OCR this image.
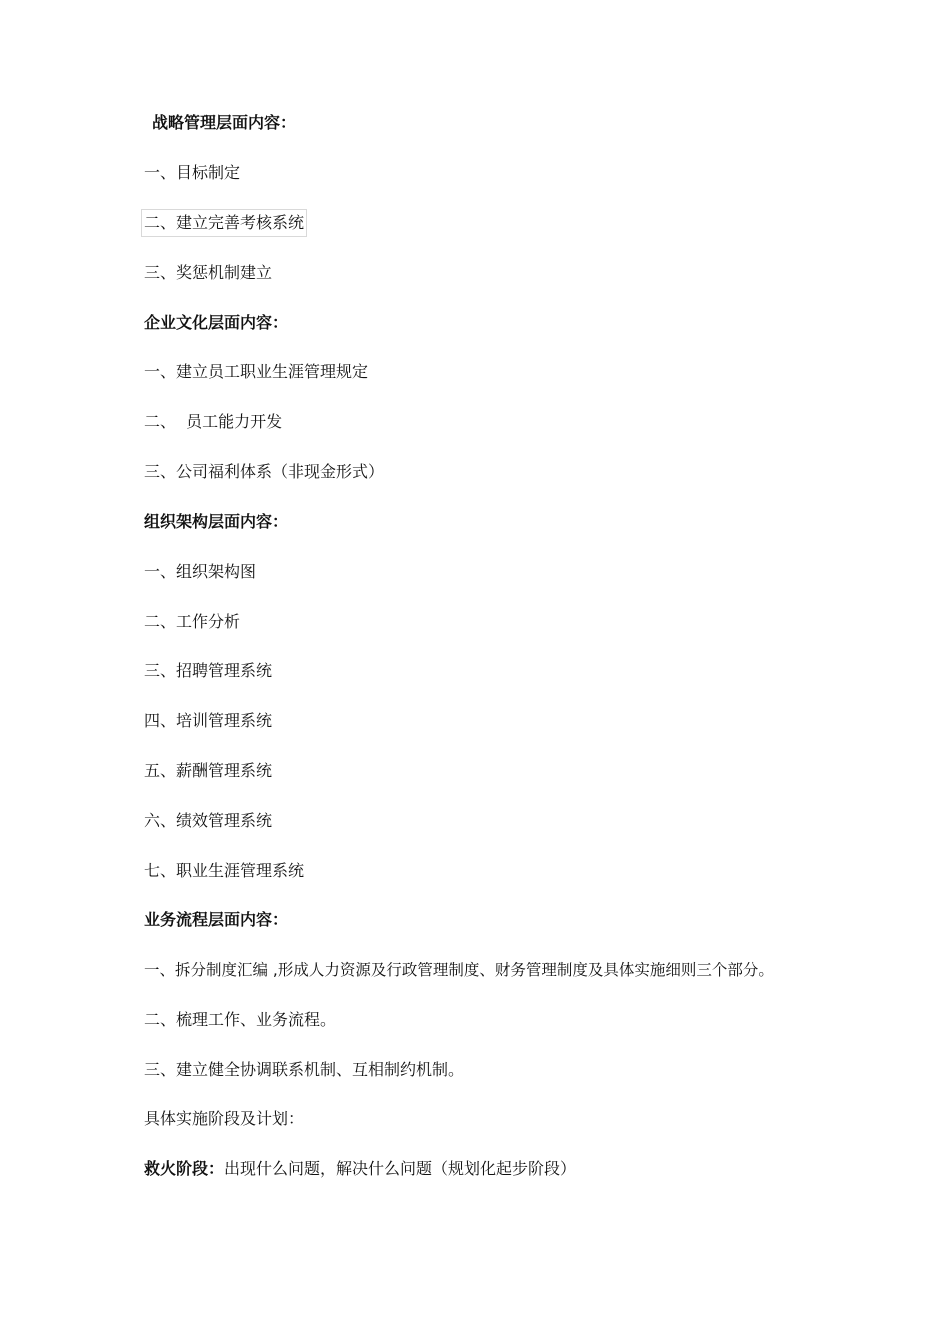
战略管理层面内容：
一、目标制定
二、建立完善考核系统
三、奖惩机制建立
企业文化层面内容：
一、建立员工职业生涯管理规定
二、  员工能力开发
三、公司福利体系（非现金形式）
组织架构层面内容：
一、组织架构图
二、工作分析
三、招聘管理系统
四、培训管理系统
五、薪酬管理系统
六、绩效管理系统
七、职业生涯管理系统
业务流程层面内容：
一、拆分制度汇编 ,形成人力资源及行政管理制度、财务管理制度及具体实施细则三个部分。
二、梳理工作、业务流程。
三、建立健全协调联系机制、互相制约机制。
具体实施阶段及计划：
救火阶段：出现什么问题，解决什么问题（规划化起步阶段）
